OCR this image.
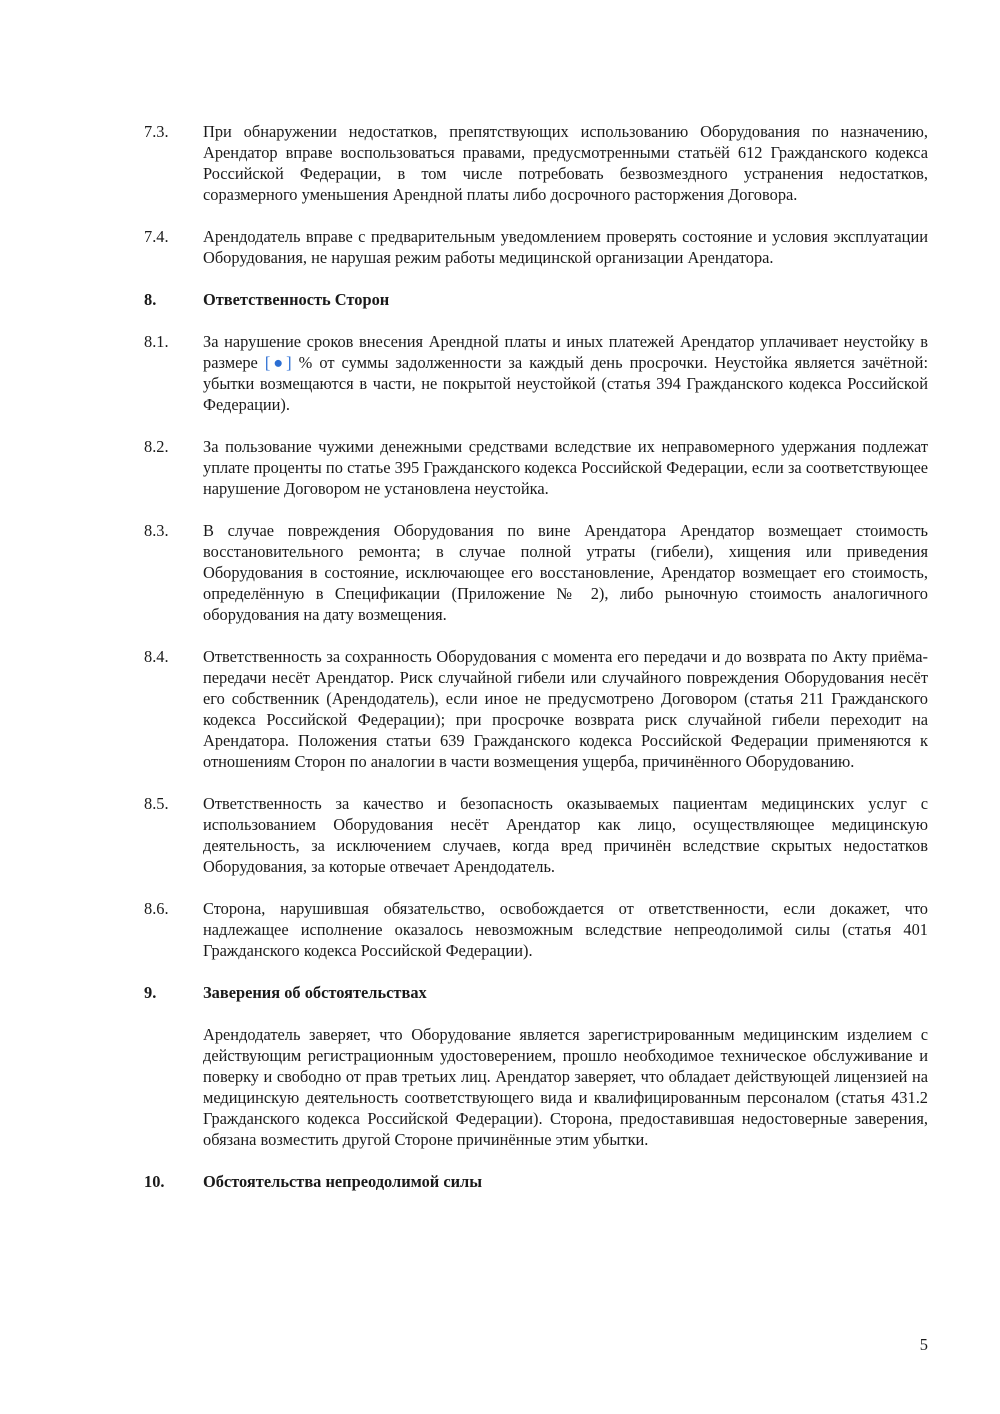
7.3.	При обнаружении недостатков, препятствующих использованию Оборудования по назначению, Арендатор вправе воспользоваться правами, предусмотренными статьёй 612 Гражданского кодекса Российской Федерации, в том числе потребовать безвозмездного устранения недостатков, соразмерного уменьшения Арендной платы либо досрочного расторжения Договора.
7.4.	Арендодатель вправе с предварительным уведомлением проверять состояние и условия эксплуатации Оборудования, не нарушая режим работы медицинской организации Арендатора.
8.	Ответственность Сторон
8.1.	За нарушение сроков внесения Арендной платы и иных платежей Арендатор уплачивает неустойку в размере [●] % от суммы задолженности за каждый день просрочки. Неустойка является зачётной: убытки возмещаются в части, не покрытой неустойкой (статья 394 Гражданского кодекса Российской Федерации).
8.2.	За пользование чужими денежными средствами вследствие их неправомерного удержания подлежат уплате проценты по статье 395 Гражданского кодекса Российской Федерации, если за соответствующее нарушение Договором не установлена неустойка.
8.3.	В случае повреждения Оборудования по вине Арендатора Арендатор возмещает стоимость восстановительного ремонта; в случае полной утраты (гибели), хищения или приведения Оборудования в состояние, исключающее его восстановление, Арендатор возмещает его стоимость, определённую в Спецификации (Приложение № 2), либо рыночную стоимость аналогичного оборудования на дату возмещения.
8.4.	Ответственность за сохранность Оборудования с момента его передачи и до возврата по Акту приёма-передачи несёт Арендатор. Риск случайной гибели или случайного повреждения Оборудования несёт его собственник (Арендодатель), если иное не предусмотрено Договором (статья 211 Гражданского кодекса Российской Федерации); при просрочке возврата риск случайной гибели переходит на Арендатора. Положения статьи 639 Гражданского кодекса Российской Федерации применяются к отношениям Сторон по аналогии в части возмещения ущерба, причинённого Оборудованию.
8.5.	Ответственность за качество и безопасность оказываемых пациентам медицинских услуг с использованием Оборудования несёт Арендатор как лицо, осуществляющее медицинскую деятельность, за исключением случаев, когда вред причинён вследствие скрытых недостатков Оборудования, за которые отвечает Арендодатель.
8.6.	Сторона, нарушившая обязательство, освобождается от ответственности, если докажет, что надлежащее исполнение оказалось невозможным вследствие непреодолимой силы (статья 401 Гражданского кодекса Российской Федерации).
9.	Заверения об обстоятельствах
Арендодатель заверяет, что Оборудование является зарегистрированным медицинским изделием с действующим регистрационным удостоверением, прошло необходимое техническое обслуживание и поверку и свободно от прав третьих лиц. Арендатор заверяет, что обладает действующей лицензией на медицинскую деятельность соответствующего вида и квалифицированным персоналом (статья 431.2 Гражданского кодекса Российской Федерации). Сторона, предоставившая недостоверные заверения, обязана возместить другой Стороне причинённые этим убытки.
10.	Обстоятельства непреодолимой силы
5
